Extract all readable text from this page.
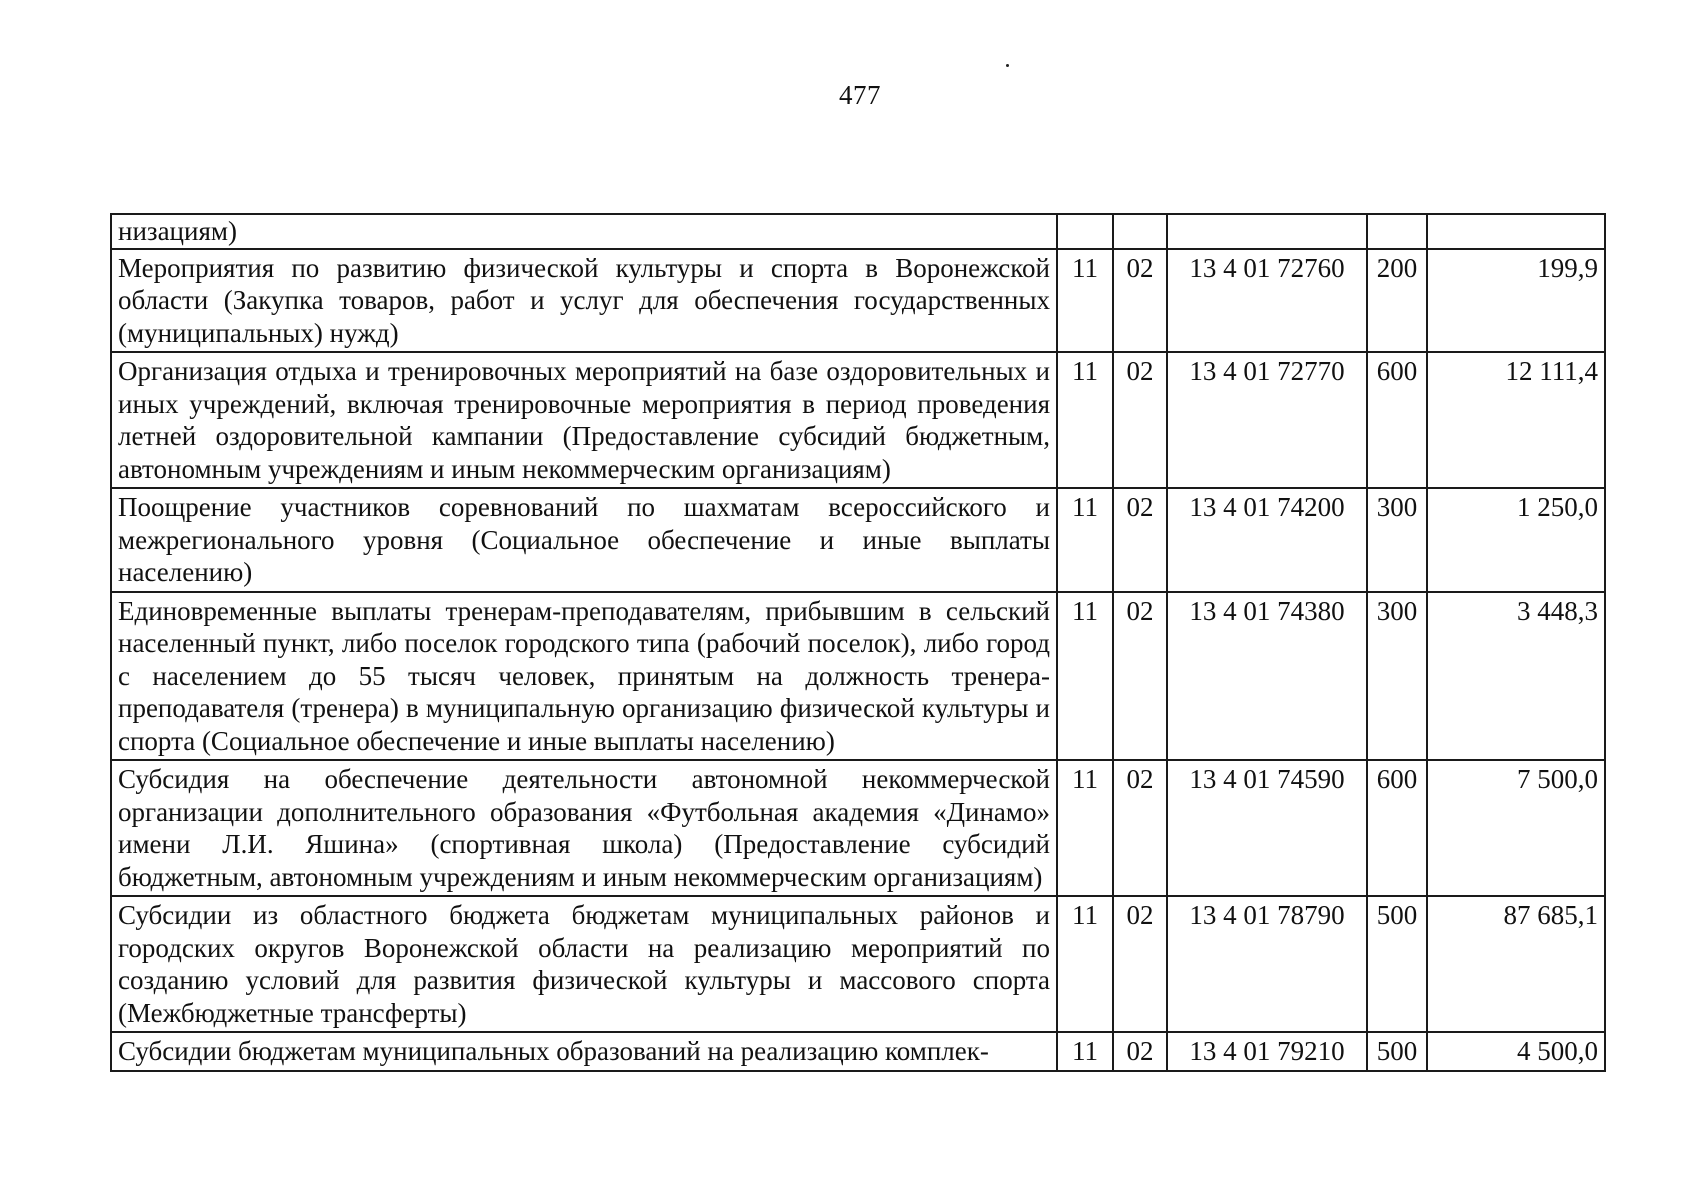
477
низациям)					
Мероприятия по развитию физической культуры и спорта в Воронежской области (Закупка товаров, работ и услуг для обеспечения государственных (муниципальных) нужд)	11	02	13 4 01 72760	200	199,9
Организация отдыха и тренировочных мероприятий на базе оздоровительных и иных учреждений, включая тренировочные мероприятия в период проведения летней оздоровительной кампании (Предоставление субсидий бюджетным, автономным учреждениям и иным некоммерческим организациям)	11	02	13 4 01 72770	600	12 111,4
Поощрение участников соревнований по шахматам всероссийского и межрегионального уровня (Социальное обеспечение и иные выплаты населению)	11	02	13 4 01 74200	300	1 250,0
Единовременные выплаты тренерам-преподавателям, прибывшим в сельский населенный пункт, либо поселок городского типа (рабочий поселок), либо город с населением до 55 тысяч человек, принятым на должность тренера-преподавателя (тренера) в муниципальную организацию физической культуры и спорта (Социальное обеспечение и иные выплаты населению)	11	02	13 4 01 74380	300	3 448,3
Субсидия на обеспечение деятельности автономной некоммерческой организации дополнительного образования «Футбольная академия «Динамо» имени Л.И. Яшина» (спортивная школа) (Предоставление субсидий бюджетным, автономным учреждениям и иным некоммерческим организациям)	11	02	13 4 01 74590	600	7 500,0
Субсидии из областного бюджета бюджетам муниципальных районов и городских округов Воронежской области на реализацию мероприятий по созданию условий для развития физической культуры и массового спорта (Межбюджетные трансферты)	11	02	13 4 01 78790	500	87 685,1
Субсидии бюджетам муниципальных образований на реализацию комплек-	11	02	13 4 01 79210	500	4 500,0
